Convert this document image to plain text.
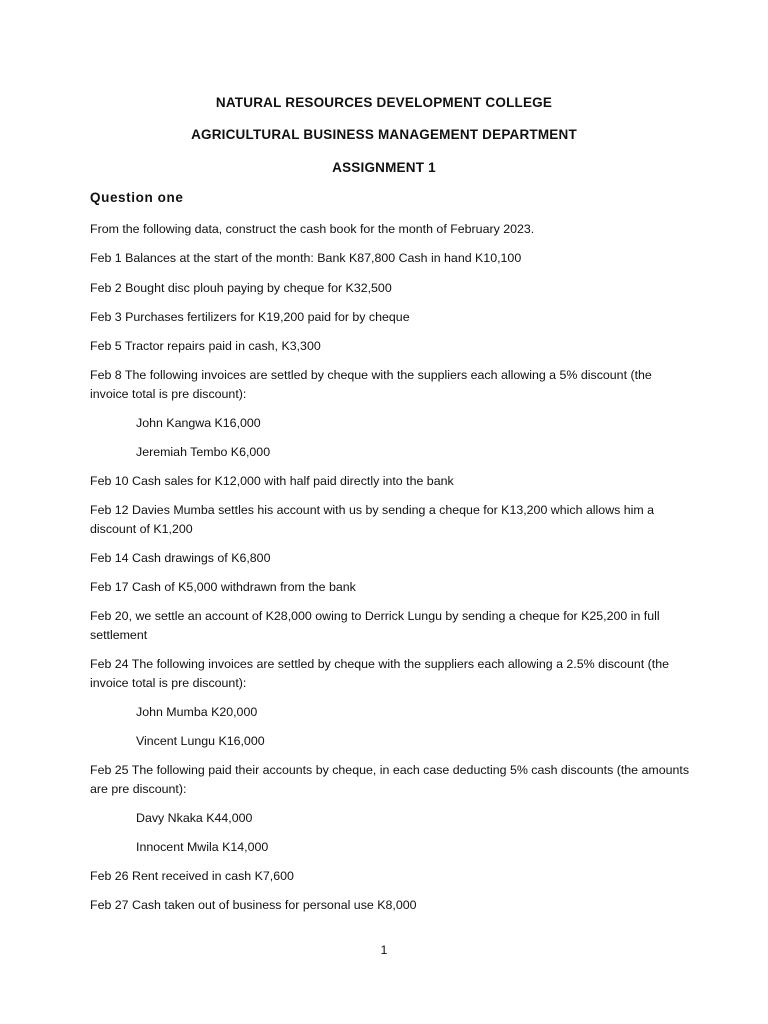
NATURAL RESOURCES DEVELOPMENT COLLEGE
AGRICULTURAL BUSINESS MANAGEMENT DEPARTMENT
ASSIGNMENT 1
Question one

From the following data, construct the cash book for the month of February 2023.

Feb 1 Balances at the start of the month: Bank K87,800 Cash in hand K10,100

Feb 2 Bought disc plouh paying by cheque for K32,500

Feb 3 Purchases fertilizers for K19,200 paid for by cheque

Feb 5 Tractor repairs paid in cash, K3,300

Feb 8 The following invoices are settled by cheque with the suppliers each allowing a 5% discount (the invoice total is pre discount):

John Kangwa K16,000

Jeremiah Tembo K6,000

Feb 10 Cash sales for K12,000 with half paid directly into the bank

Feb 12 Davies Mumba settles his account with us by sending a cheque for K13,200 which allows him a discount of K1,200

Feb 14 Cash drawings of K6,800

Feb 17 Cash of K5,000 withdrawn from the bank

Feb 20, we settle an account of K28,000 owing to Derrick Lungu by sending a cheque for K25,200 in full settlement

Feb 24 The following invoices are settled by cheque with the suppliers each allowing a 2.5% discount (the invoice total is pre discount):

John Mumba K20,000

Vincent Lungu K16,000

Feb 25 The following paid their accounts by cheque, in each case deducting 5% cash discounts (the amounts are pre discount):

Davy Nkaka K44,000

Innocent Mwila K14,000

Feb 26 Rent received in cash K7,600

Feb 27 Cash taken out of business for personal use K8,000

1
